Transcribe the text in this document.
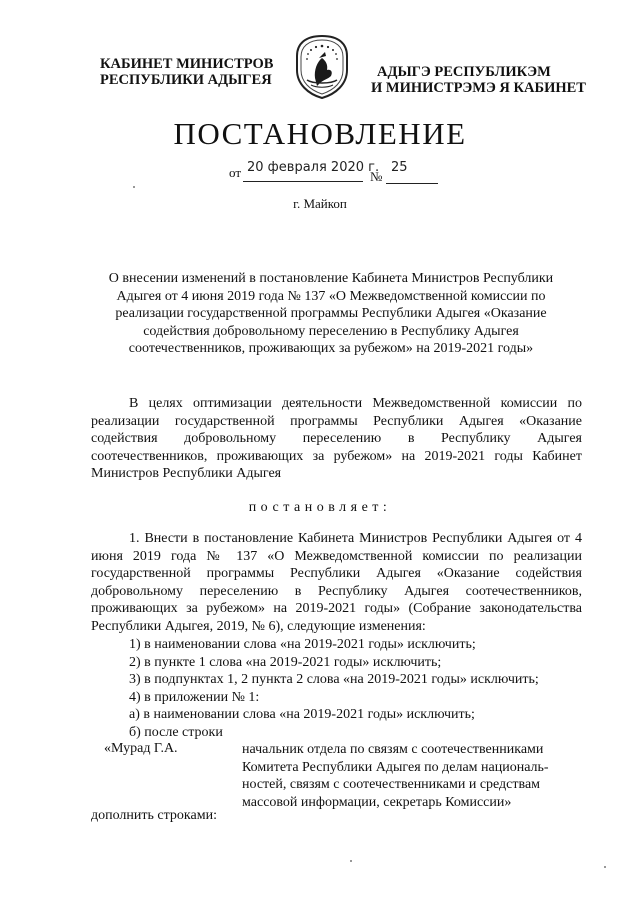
КАБИНЕТ МИНИСТРОВ
РЕСПУБЛИКИ АДЫГЕЯ	АДЫГЭ РЕСПУБЛИКЭМ
И МИНИСТРЭМЭ Я КАБИНЕТ
ПОСТАНОВЛЕНИЕ
от 20 февраля 2020 г.
№
25
г. Майкоп
О внесении изменений в постановление Кабинета Министров Республики
Адыгея от 4 июня 2019 года № 137 «О Межведомственной комиссии по
реализации государственной программы Республики Адыгея «Оказание
содействия добровольному переселению в Республику Адыгея
соотечественников, проживающих за рубежом» на 2019-2021 годы»

В целях оптимизации деятельности Межведомственной комиссии по реализации государственной программы Республики Адыгея «Оказание содействия добровольному переселению в Республику Адыгея соотечественников, проживающих за рубежом» на 2019-2021 годы Кабинет Министров Республики Адыгея

постановляет:

1. Внести в постановление Кабинета Министров Республики Адыгея от 4 июня 2019 года № 137 «О Межведомственной комиссии по реализации государственной программы Республики Адыгея «Оказание содействия добровольному переселению в Республику Адыгея соотечественников, проживающих за рубежом» на 2019-2021 годы» (Собрание законодательства Республики Адыгея, 2019, № 6), следующие изменения:

1) в наименовании слова «на 2019-2021 годы» исключить;
2) в пункте 1 слова «на 2019-2021 годы» исключить;
3) в подпунктах 1, 2 пункта 2 слова «на 2019-2021 годы» исключить;
4) в приложении № 1:
а) в наименовании слова «на 2019-2021 годы» исключить;
б) после строки
«Мурад Г.А.	начальник отдела по связям с соотечественниками
Комитета Республики Адыгея по делам националь-
ностей, связям с соотечественниками и средствам
массовой информации, секретарь Комиссии»
дополнить строками:
